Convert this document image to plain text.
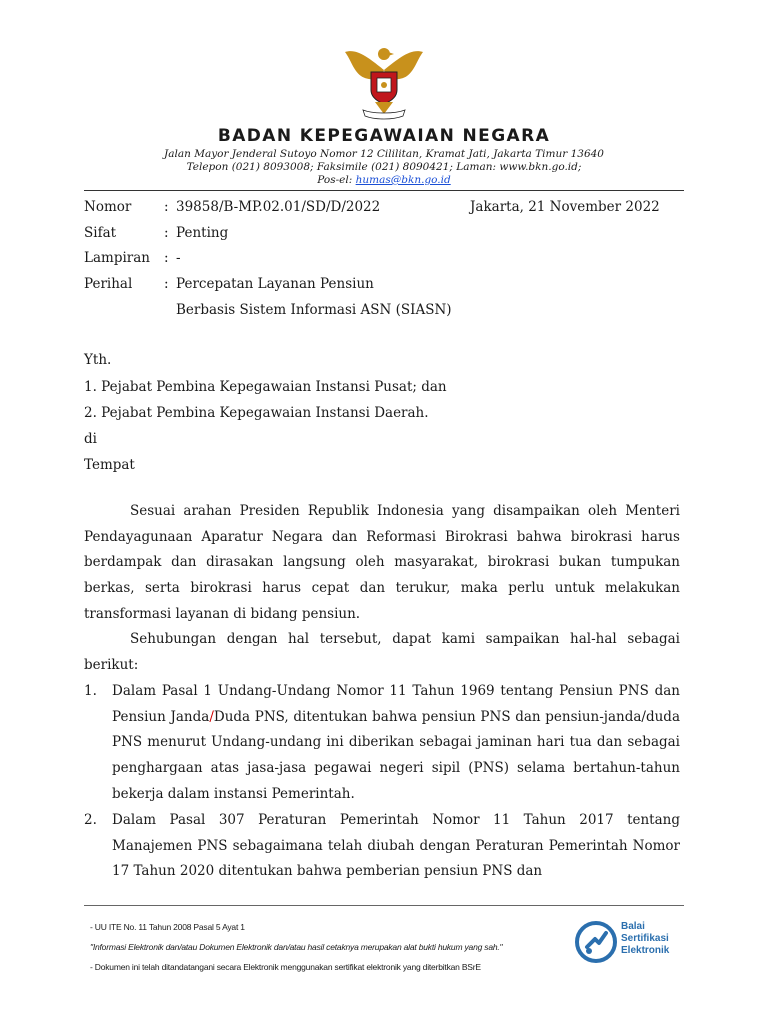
BADAN KEPEGAWAIAN NEGARA
Jalan Mayor Jenderal Sutoyo Nomor 12 Cililitan, Kramat Jati, Jakarta Timur 13640
Telepon (021) 8093008; Faksimile (021) 8090421; Laman: www.bkn.go.id;
Pos-el: humas@bkn.go.id
Nomor : 39858/B-MP.02.01/SD/D/2022	Jakarta, 21 November 2022
Sifat	: Penting
Lampiran : -
Perihal : Percepatan Layanan Pensiun
Berbasis Sistem Informasi ASN (SIASN)
Yth.
1. Pejabat Pembina Kepegawaian Instansi Pusat; dan
2. Pejabat Pembina Kepegawaian Instansi Daerah.
di
Tempat
Sesuai arahan Presiden Republik Indonesia yang disampaikan oleh Menteri Pendayagunaan Aparatur Negara dan Reformasi Birokrasi bahwa birokrasi harus berdampak dan dirasakan langsung oleh masyarakat, birokrasi bukan tumpukan berkas, serta birokrasi harus cepat dan terukur, maka perlu untuk melakukan transformasi layanan di bidang pensiun.
Sehubungan dengan hal tersebut, dapat kami sampaikan hal-hal sebagai berikut:
1. Dalam Pasal 1 Undang-Undang Nomor 11 Tahun 1969 tentang Pensiun PNS dan Pensiun Janda/Duda PNS, ditentukan bahwa pensiun PNS dan pensiun-janda/duda PNS menurut Undang-undang ini diberikan sebagai jaminan hari tua dan sebagai penghargaan atas jasa-jasa pegawai negeri sipil (PNS) selama bertahun-tahun bekerja dalam instansi Pemerintah.
2. Dalam Pasal 307 Peraturan Pemerintah Nomor 11 Tahun 2017 tentang Manajemen PNS sebagaimana telah diubah dengan Peraturan Pemerintah Nomor 17 Tahun 2020 ditentukan bahwa pemberian pensiun PNS dan
- UU ITE No. 11 Tahun 2008 Pasal 5 Ayat 1
"Informasi Elektronik dan/atau Dokumen Elektronik dan/atau hasil cetaknya merupakan alat bukti hukum yang sah."
- Dokumen ini telah ditandatangani secara Elektronik menggunakan sertifikat elektronik yang diterbitkan BSrE
Balai
Sertifikasi
Elektronik
